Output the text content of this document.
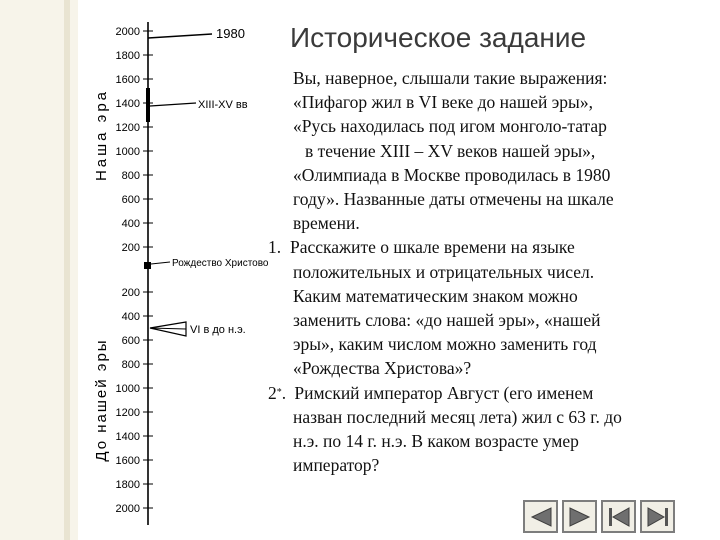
2000
1800
1600
1400
1200
1000
800
600
400
200
200
400
600
800
1000
1200
1400
1600
1800
2000
Наша эра
До нашей эры
1980
XIII-XV вв
Рождество Христово
VI в до н.э.
Историческое задание
Вы, наверное, слышали такие выражения:
«Пифагор жил в VI веке до нашей эры»,
«Русь находилась под игом монголо-татар
в течение XIII – XV веков нашей эры»,
«Олимпиада в Москве проводилась в 1980
году». Названные даты отмечены на шкале
времени.
1. Расскажите о шкале времени на языке
положительных и отрицательных чисел.
Каким математическим знаком можно
заменить слова: «до нашей эры», «нашей
эры», каким числом можно заменить год
«Рождества Христова»?
2*. Римский император Август (его именем
назван последний месяц лета) жил с 63 г. до
н.э. по 14 г. н.э. В каком возрасте умер
император?
